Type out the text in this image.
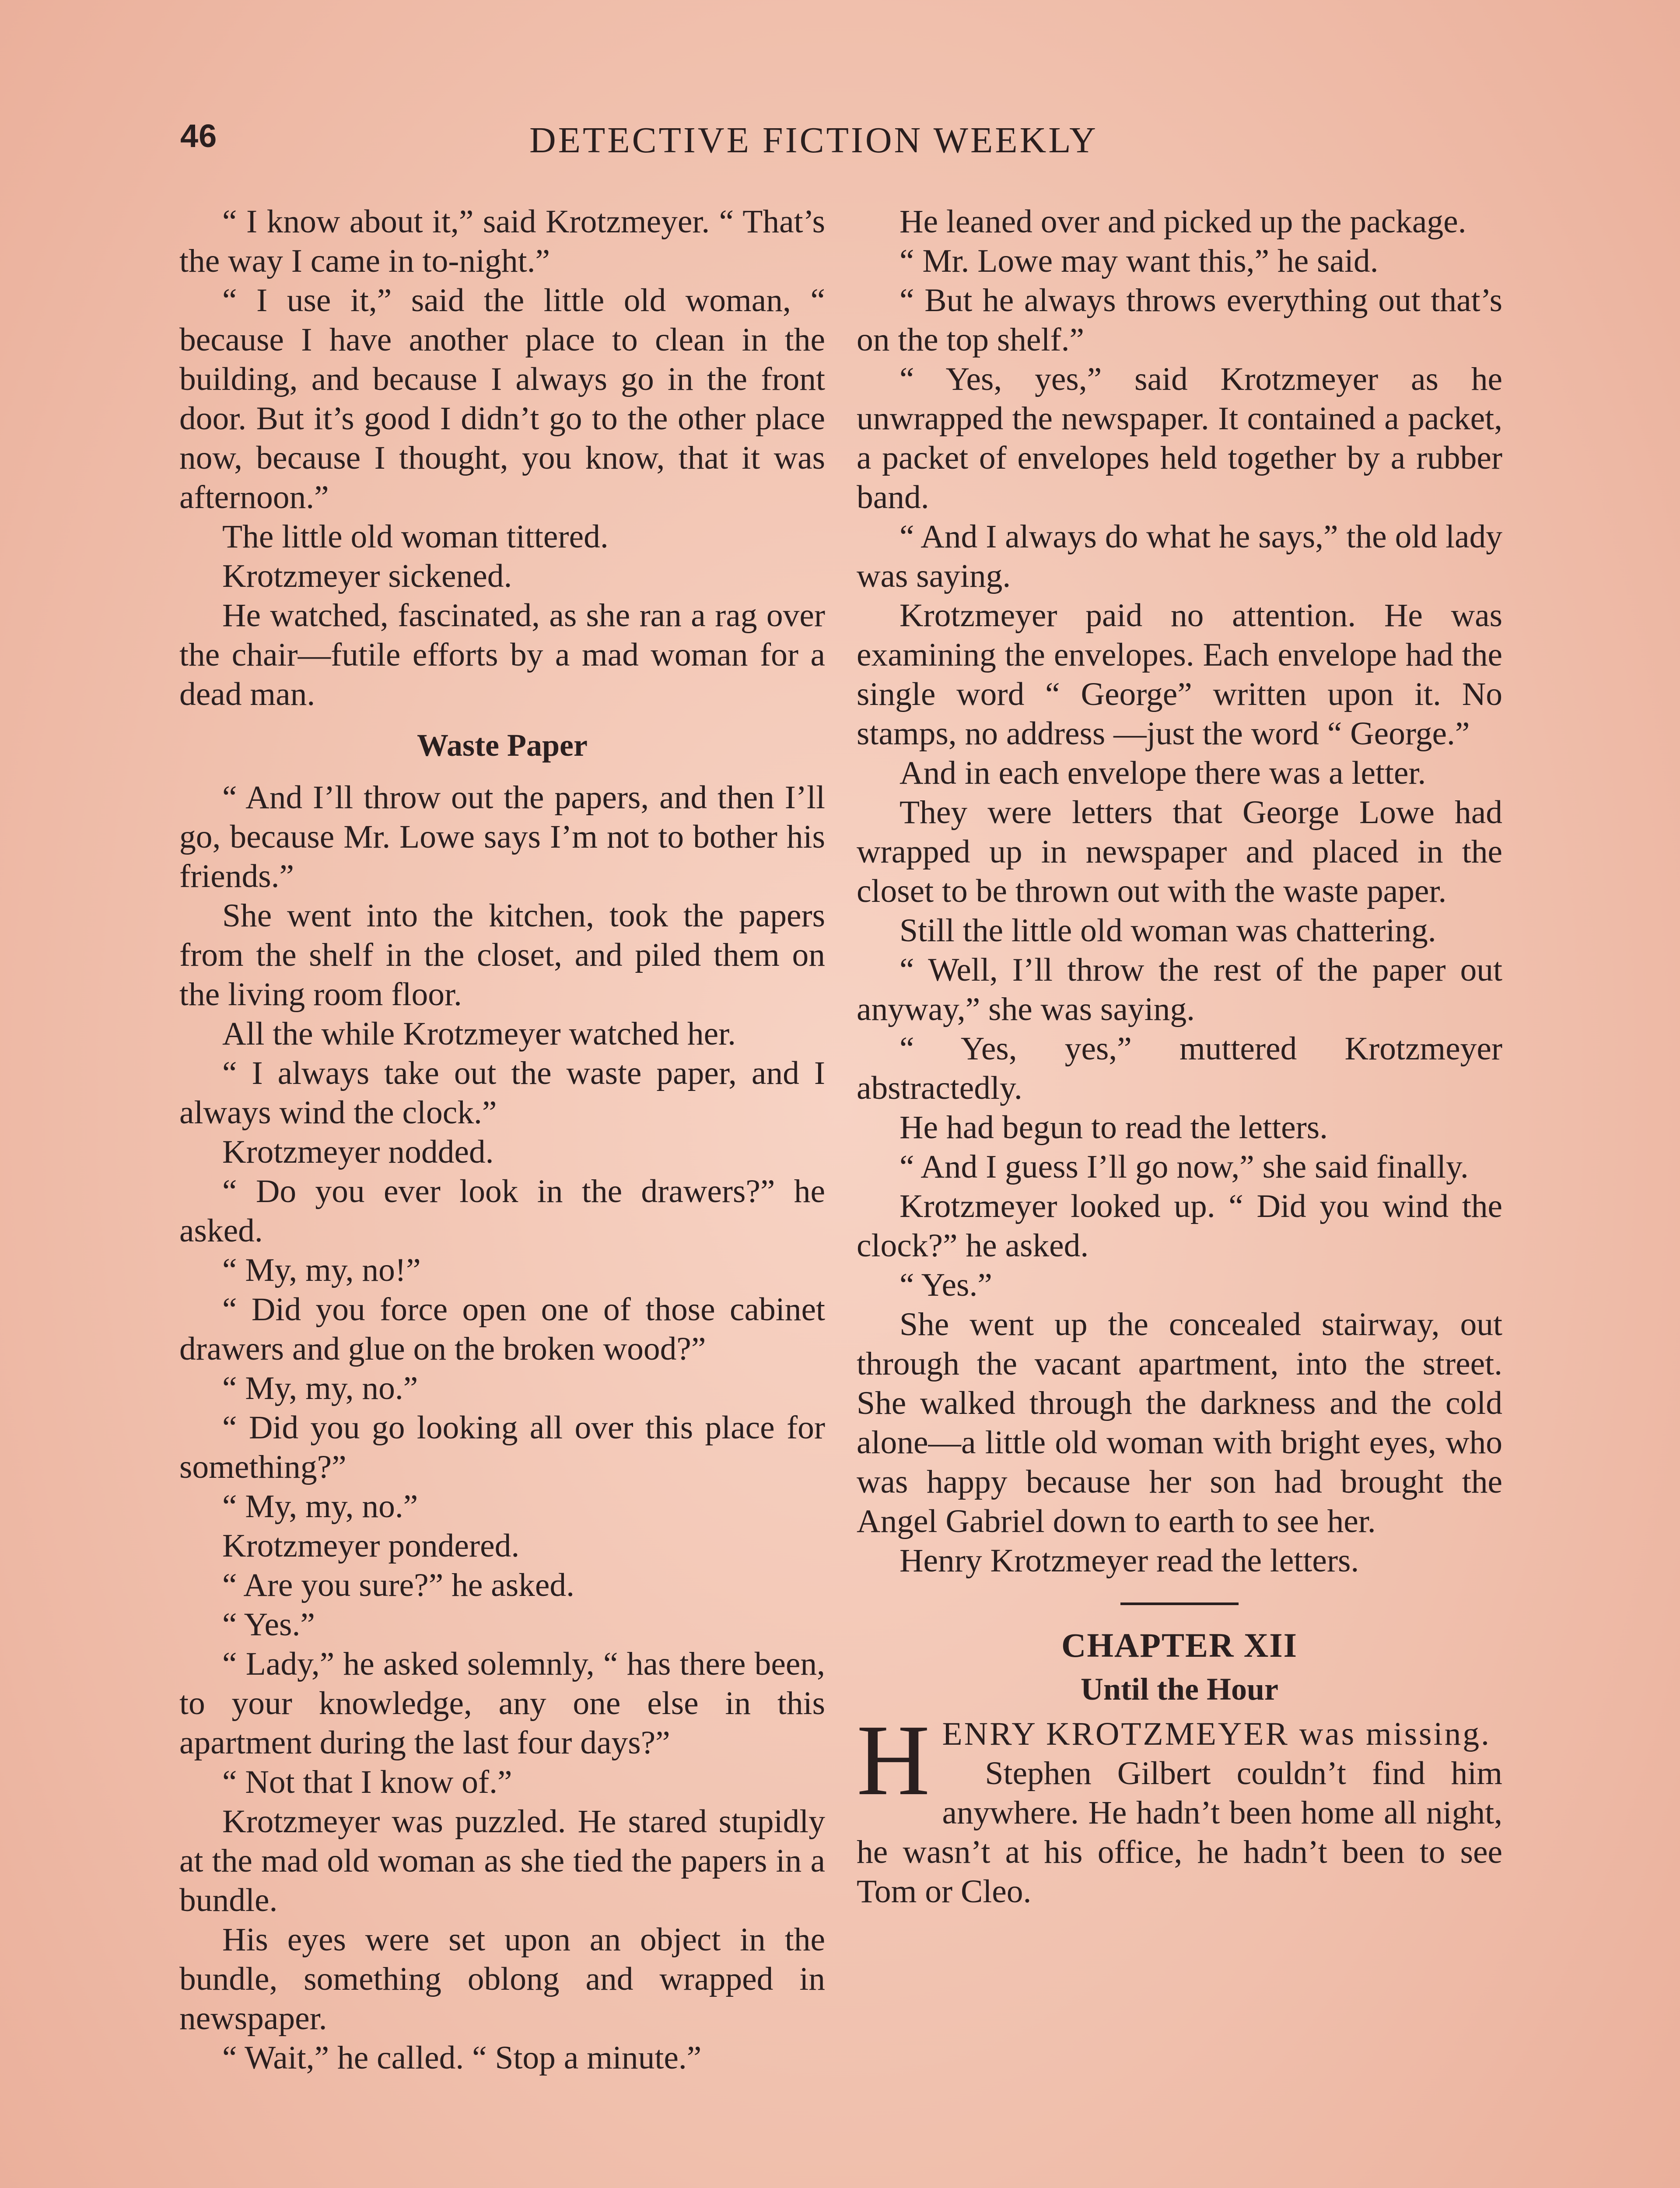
46	DETECTIVE FICTION WEEKLY

“ I know about it,” said Krotzmeyer. “ That’s the way I came in to-night.”

“ I use it,” said the little old woman, “ because I have another place to clean in the building, and because I always go in the front door. But it’s good I didn’t go to the other place now, because I thought, you know, that it was afternoon.”

The little old woman tittered.

Krotzmeyer sickened.

He watched, fascinated, as she ran a rag over the chair—futile efforts by a mad woman for a dead man.

Waste Paper

“ And I’ll throw out the papers, and then I’ll go, because Mr. Lowe says I’m not to bother his friends.”

She went into the kitchen, took the papers from the shelf in the closet, and piled them on the living room floor.

All the while Krotzmeyer watched her.

“ I always take out the waste paper, and I always wind the clock.”

Krotzmeyer nodded.

“ Do you ever look in the drawers?” he asked.

“ My, my, no!”

“ Did you force open one of those cabinet drawers and glue on the broken wood?”

“ My, my, no.”

“ Did you go looking all over this place for something?”

“ My, my, no.”

Krotzmeyer pondered.

“ Are you sure?” he asked.

“ Yes.”

“ Lady,” he asked solemnly, “ has there been, to your knowledge, any one else in this apartment during the last four days?”

“ Not that I know of.”

Krotzmeyer was puzzled. He stared stupidly at the mad old woman as she tied the papers in a bundle.

His eyes were set upon an object in the bundle, something oblong and wrapped in newspaper.

“ Wait,” he called. “ Stop a minute.”

He leaned over and picked up the package.

“ Mr. Lowe may want this,” he said.

“ But he always throws everything out that’s on the top shelf.”

“ Yes, yes,” said Krotzmeyer as he unwrapped the newspaper. It contained a packet, a packet of envelopes held together by a rubber band.

“ And I always do what he says,” the old lady was saying.

Krotzmeyer paid no attention. He was examining the envelopes. Each envelope had the single word “ George” written upon it. No stamps, no address —just the word “ George.”

And in each envelope there was a letter.

They were letters that George Lowe had wrapped up in newspaper and placed in the closet to be thrown out with the waste paper.

Still the little old woman was chattering.

“ Well, I’ll throw the rest of the paper out anyway,” she was saying.

“ Yes, yes,” muttered Krotzmeyer abstractedly.

He had begun to read the letters.

“ And I guess I’ll go now,” she said finally.

Krotzmeyer looked up. “ Did you wind the clock?” he asked.

“ Yes.”

She went up the concealed stairway, out through the vacant apartment, into the street. She walked through the darkness and the cold alone—a little old woman with bright eyes, who was happy because her son had brought the Angel Gabriel down to earth to see her.

Henry Krotzmeyer read the letters.

CHAPTER XII
Until the Hour

HENRY KROTZMEYER was missing.

Stephen Gilbert couldn’t find him anywhere. He hadn’t been home all night, he wasn’t at his office, he hadn’t been to see Tom or Cleo.
